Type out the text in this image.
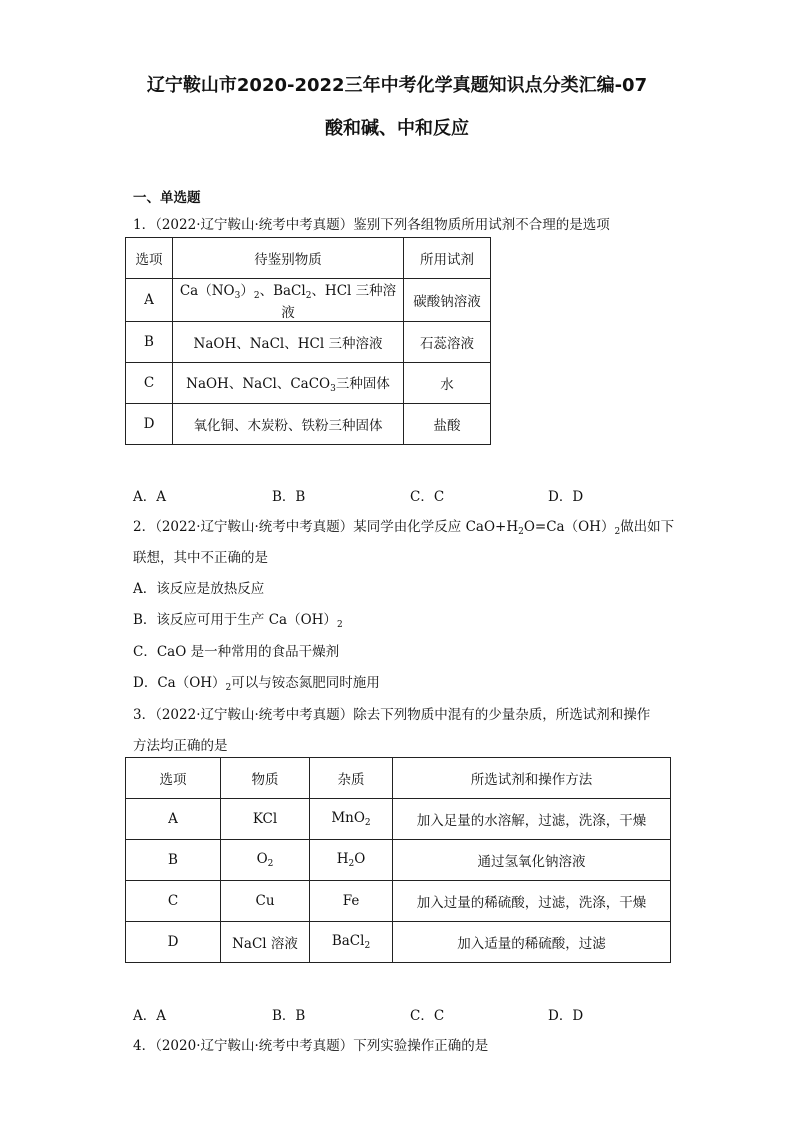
辽宁鞍山市2020-2022三年中考化学真题知识点分类汇编-07
酸和碱、中和反应
一、单选题
1．（2022·辽宁鞍山·统考中考真题）鉴别下列各组物质所用试剂不合理的是选项
选项	待鉴别物质	所用试剂
A	$Ca(NO_3)_2$、BaCl$_2$、HCl 三种溶液	碳酸钠溶液
B	NaOH、NaCl、HCl 三种溶液	石蕊溶液
C	NaOH、NaCl、CaCO$_3$三种固体	水
D	氧化铜、木炭粉、铁粉三种固体	盐酸
A．A	B．B	C．C	D．D
2．（2022·辽宁鞍山·统考中考真题）某同学由化学反应 $CaO+H_2O=Ca(OH)_2$做出如下
联想，其中不正确的是
A．该反应是放热反应
B．该反应可用于生产 $Ca(OH)_2$
C．CaO 是一种常用的食品干燥剂
D．$Ca(OH)_2$可以与铵态氮肥同时施用
3．（2022·辽宁鞍山·统考中考真题）除去下列物质中混有的少量杂质，所选试剂和操作
方法均正确的是
选项	物质	杂质	所选试剂和操作方法
A	KCl	MnO$_2$	加入足量的水溶解，过滤，洗涤，干燥
B	$O_2$	$H_2O$	通过氢氧化钠溶液
C	Cu	Fe	加入过量的稀硫酸，过滤，洗涤，干燥
D	NaCl 溶液	BaCl$_2$	加入适量的稀硫酸，过滤
A．A	B．B	C．C	D．D
4．（2020·辽宁鞍山·统考中考真题）下列实验操作正确的是
